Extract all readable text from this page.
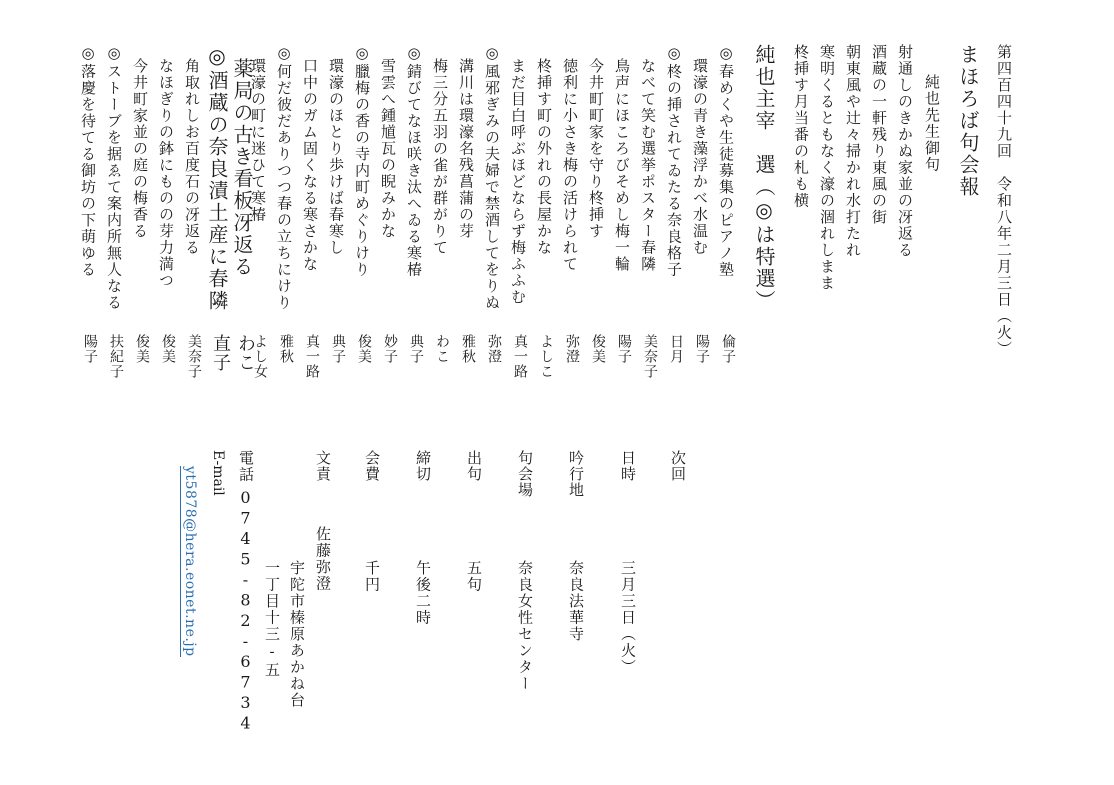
第四百四十九回　令和八年二月三日（火）
まほろば句会報
純也先生御句
射通しのきかぬ家並の冴返る
酒蔵の一軒残り東風の街
朝東風や辻々掃かれ水打たれ
寒明くるともなく濠の涸れしまま
柊挿す月当番の札も横
純也主宰　選（◎は特選）
◎春めくや生徒募集のピアノ塾
環濠の青き藻浮かべ水温む
◎柊の挿されてゐたる奈良格子
なべて笑む選挙ポスター春隣
鳥声にほころびそめし梅一輪
今井町町家を守り柊挿す
徳利に小さき梅の活けられて
柊挿す町の外れの長屋かな
まだ目白呼ぶほどならず梅ふふむ
◎風邪ぎみの夫婦で禁酒してをりぬ
溝川は環濠名残菖蒲の芽
梅三分五羽の雀が群がりて
◎錆びてなほ咲き汰へゐる寒椿
雪雲へ鍾馗瓦の睨みかな
◎臘梅の香の寺内町めぐりけり
環濠のほとり歩けば春寒し
口中のガム固くなる寒さかな
◎何だ彼だありつつ春の立ちにけり
環濠の町に迷ひて寒椿
薬局の古き看板冴返る
◎酒蔵の奈良漬土産に春隣
角取れしお百度石の冴返る
なほぎりの鉢にものの芽力満つ
今井町家並の庭の梅香る
◎ストーブを据ゑて案内所無人なる
◎落慶を待てる御坊の下萌ゆる
倫子
陽子
日月
美奈子
陽子
俊美
弥澄
よしこ
真一路
弥澄
雅秋
わこ
典子
妙子
俊美
典子
真一路
雅秋
よし女
わこ
直子
美奈子
俊美
俊美
扶紀子
陽子
次回
日時
三月三日（火）
吟行地
奈良法華寺
句会場
奈良女性センター
出句
五句
締切
午後二時
会費
千円
文責
佐藤弥澄
宇陀市榛原あかね台
一丁目十三-五
電話
0745-82-6734
E-mail
yt5878@hera.eonet.ne.jp
